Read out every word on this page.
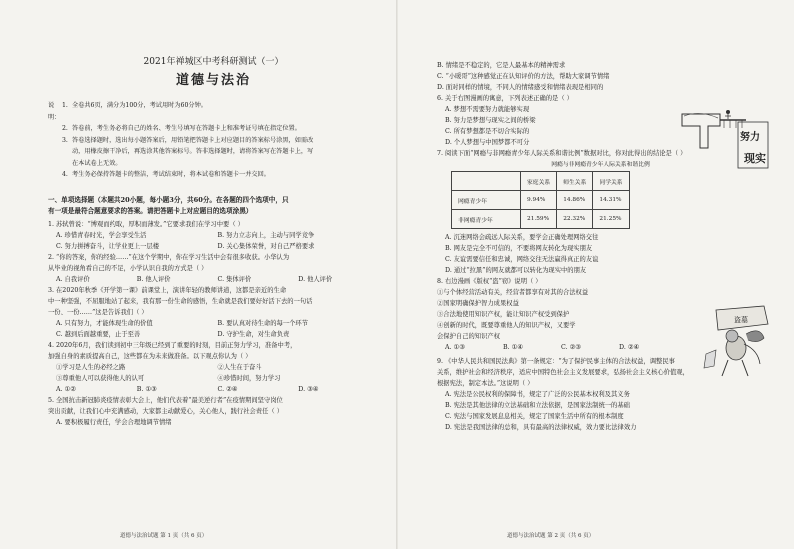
2021年禅城区中考科研测试（一）
道德与法治
说明：
1. 全卷共6页，满分为100分，考试用时为60分钟。
2. 答卷前，考生务必将自己的姓名、考生号填写在答题卡上和准考证号填在指定位置。
3. 答卷选择题时，选出每小题答案后，用铅笔把答题卡上对应题目的答案标号涂黑，如需改
动，用橡皮擦干净后，再选涂其他答案标号。答非选择题时，请将答案写在答题卡上，写
在本试卷上无效。
4. 考生务必保持答题卡的整洁，考试结束时，将本试卷和答题卡一并交回。
一、单项选择题（本题共20小题，每小题3分，共60分。在各题的四个选项中，只
有一项是最符合题意要求的答案。请把答题卡上对应题目的选项涂黑）
1. 苏轼曾说：“博观而约取，厚积而薄发。”它要求我们在学习中要（ ）
A. 珍惜青春时光，学会享受生活	B. 努力立志向上，主动与同学竞争
C. 努力拼搏奋斗，让学业更上一层楼	D. 关心集体荣誉，对自己严格要求
2. “你的答案，你的经验……”在这个学期中，你在学习生活中会有很多收获。小华认为
从毕业的视角看自己的不足，小学认识自我的方式是（ ）
A. 自我评价	B. 他人评价	C. 集体评价	D. 他人评价
3. 在2020年秋季《开学第一课》前课堂上，演讲年轻的教师讲道，这都是亲近的生命
中一种坚强，不屈服地站了起来，我有那一份生命的感悟，生命就是我们要好好活下去的一句话
一份、一份……”这是告诉我们（ ）
A. 只有努力，才能体现生命的价值	B. 要认真对待生命的每一个环节
C. 越到后面越重要，止于至善	D. 守护生命，对生命负责
4. 2020年6月，我们读到初中三年级已经到了重要的时刻，目前正努力学习，准备中考，
加强自身的素质提高自己，这些都在为未来做准备。以下观点你认为（ ）
①学习是人生的必经之路	②人生在于奋斗
③尊重他人可以获得他人的认可	④珍惜时间，努力学习
A. ①②	B. ①③	C. ②④	D. ③④
5. 全国抗击新冠肺炎疫情表彰大会上，他们代表着“最美逆行者”在疫情期间坚守岗位
突出贡献，让我们心中充满感动，大家都主动献爱心，关心他人，践行社会责任（ ）
A. 要积极履行责任，学会合理地调节情绪
道德与法治试题 第 1 页（共 6 页）
B. 情绪是不稳定的，它是人最基本的精神需求
C. “小暖哥”这种感觉正在认知评价的方法，帮助大家调节情绪
D. 面对同样的情境，不同人的情绪感受和情绪表现是相同的
6. 关于右图漫画的寓意，下列表述正确的是（ ）
A. 梦想不需要努力就能够实现
B. 努力是梦想与现实之间的桥梁
C. 所有梦想都是不切合实际的
D. 个人梦想与中国梦都不可分
7. 阅读下面“网瘾与非网瘾青少年人际关系和谐比例”数据对比，你对此得出的结论是（ ）
网瘾与非网瘾青少年人际关系和谐比例
	家庭关系	师生关系	同学关系
网瘾青少年	9.94%	14.86%	14.31%
非网瘾青少年	21.59%	22.32%	21.25%
A. 沉迷网络会疏远人际关系，要学会正确处理网络交往
B. 网友是完全不可信的，不要将网友转化为现实朋友
C. 友谊需要信任和忠诚，网络交往无法赢得真正的友谊
D. 通过“拉黑”的网友就都可以转化为现实中的朋友
8. 右边漫画《版权“盗”窃》说明（ ）
①与个体经营活动有关，经营者都享有对其的合法权益
②国家明确保护智力成果权益
③合法地使用知识产权，能让知识产权受到保护
④创新的时代，既要尊重他人的知识产权，又要学
会保护自己的知识产权
A. ①③	B. ①④	C. ②③	D. ②④
9. 《中华人民共和国民法典》第一条规定：“为了保护民事主体的合法权益，调整民事
关系，维护社会和经济秩序，适应中国特色社会主义发展要求，弘扬社会主义核心价值观，
根据宪法，制定本法。”这说明（ ）
A. 宪法是公民权利的保障书，规定了广泛的公民基本权利及其义务
B. 宪法是其他法律的立法基础和立法依据，是国家法制统一的基础
C. 宪法与国家发展息息相关，规定了国家生活中所有的根本制度
D. 宪法是我国法律的总和，具有最高的法律权威，效力要比法律效力
道德与法治试题 第 2 页（共 6 页）
努力
现实
盗墓
